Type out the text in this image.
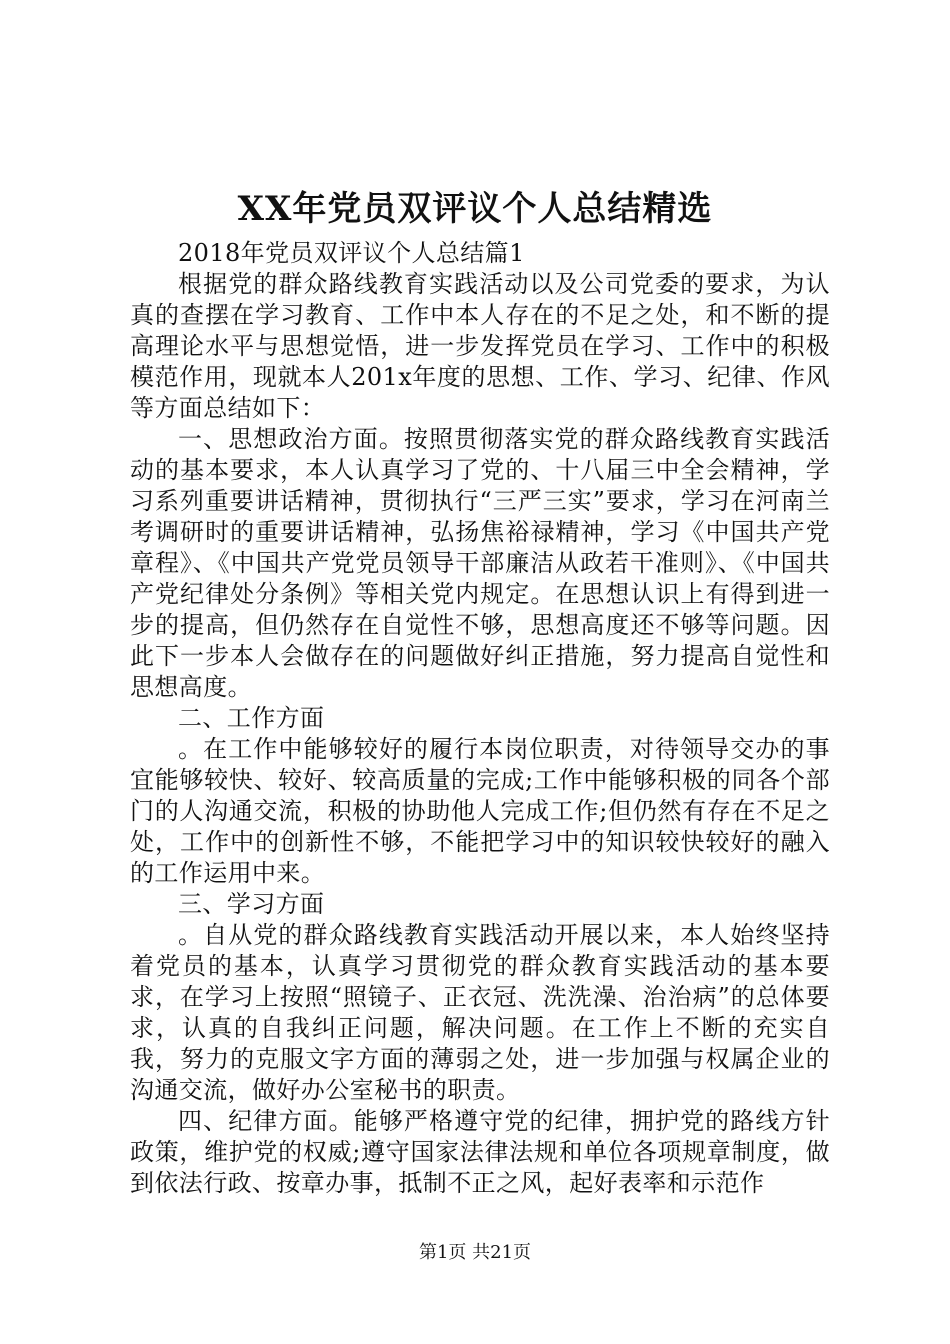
XX年党员双评议个人总结精选

2018年党员双评议个人总结篇1

根据党的群众路线教育实践活动以及公司党委的要求，为认真的查摆在学习教育、工作中本人存在的不足之处，和不断的提高理论水平与思想觉悟，进一步发挥党员在学习、工作中的积极模范作用，现就本人201x年度的思想、工作、学习、纪律、作风等方面总结如下：

一、思想政治方面。按照贯彻落实党的群众路线教育实践活动的基本要求，本人认真学习了党的、十八届三中全会精神，学习系列重要讲话精神，贯彻执行“三严三实”要求，学习在河南兰考调研时的重要讲话精神，弘扬焦裕禄精神，学习《中国共产党章程》、《中国共产党党员领导干部廉洁从政若干准则》、《中国共产党纪律处分条例》等相关党内规定。在思想认识上有得到进一步的提高，但仍然存在自觉性不够，思想高度还不够等问题。因此下一步本人会做存在的问题做好纠正措施，努力提高自觉性和思想高度。

二、工作方面

。在工作中能够较好的履行本岗位职责，对待领导交办的事宜能够较快、较好、较高质量的完成;工作中能够积极的同各个部门的人沟通交流，积极的协助他人完成工作;但仍然有存在不足之处，工作中的创新性不够，不能把学习中的知识较快较好的融入的工作运用中来。

三、学习方面

。自从党的群众路线教育实践活动开展以来，本人始终坚持着党员的基本，认真学习贯彻党的群众教育实践活动的基本要求，在学习上按照“照镜子、正衣冠、洗洗澡、治治病”的总体要求，认真的自我纠正问题，解决问题。在工作上不断的充实自我，努力的克服文字方面的薄弱之处，进一步加强与权属企业的沟通交流，做好办公室秘书的职责。

四、纪律方面。能够严格遵守党的纪律，拥护党的路线方针政策，维护党的权威;遵守国家法律法规和单位各项规章制度，做到依法行政、按章办事，抵制不正之风，起好表率和示范作

第1页 共21页
